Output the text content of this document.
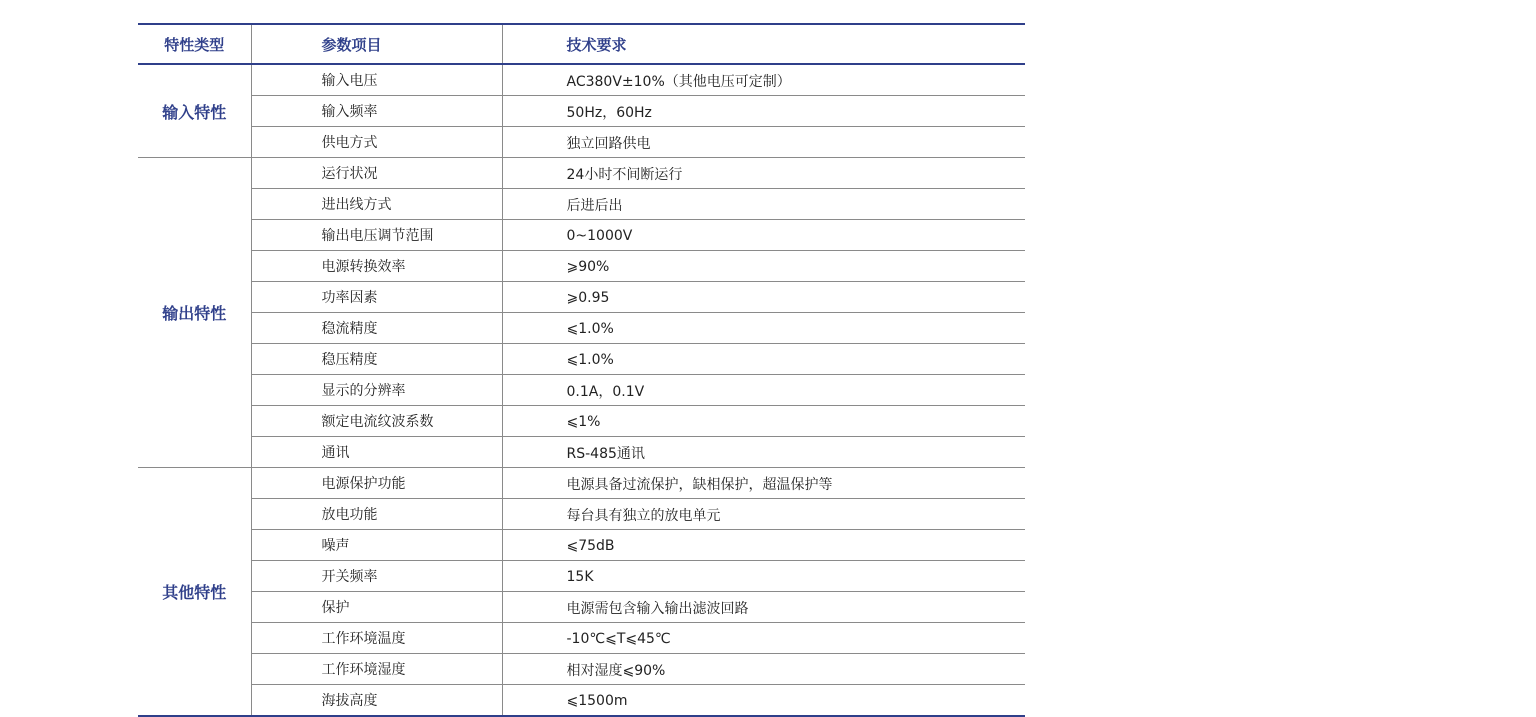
特性类型	参数项目	技术要求
输入特性	输入电压	AC380V±10%（其他电压可定制）
	输入频率	50Hz，60Hz
	供电方式	独立回路供电
输出特性	运行状况	24小时不间断运行
	进出线方式	后进后出
	输出电压调节范围	0~1000V
	电源转换效率	⩾90%
	功率因素	⩾0.95
	稳流精度	⩽1.0%
	稳压精度	⩽1.0%
	显示的分辨率	0.1A，0.1V
	额定电流纹波系数	⩽1%
	通讯	RS-485通讯
其他特性	电源保护功能	电源具备过流保护，缺相保护，超温保护等
	放电功能	每台具有独立的放电单元
	噪声	⩽75dB
	开关频率	15K
	保护	电源需包含输入输出滤波回路
	工作环境温度	-10℃⩽T⩽45℃
	工作环境湿度	相对湿度⩽90%
	海拔高度	⩽1500m
